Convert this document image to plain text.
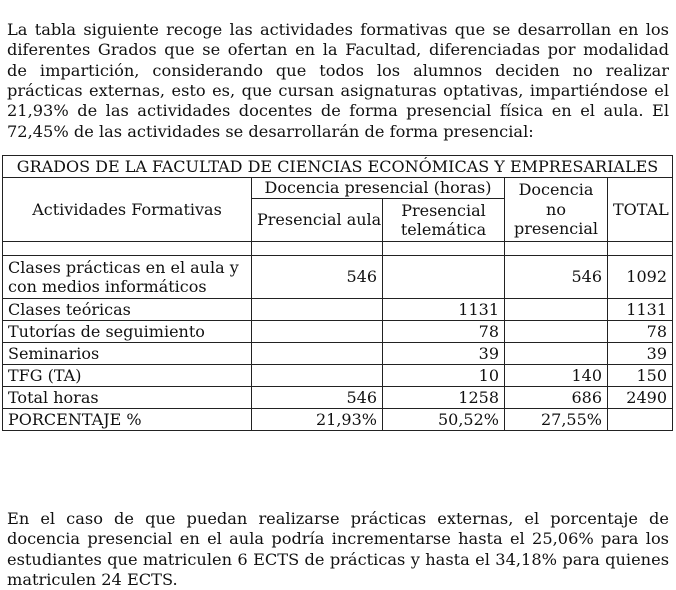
La tabla siguiente recoge las actividades formativas que se desarrollan en los diferentes Grados que se ofertan en la Facultad, diferenciadas por modalidad de impartición, considerando que todos los alumnos deciden no realizar prácticas externas, esto es, que cursan asignaturas optativas, impartiéndose el 21,93% de las actividades docentes de forma presencial física en el aula. El 72,45% de las actividades se desarrollarán de forma presencial:

GRADOS DE LA FACULTAD DE CIENCIAS ECONÓMICAS Y EMPRESARIALES				
Actividades Formativas	Docencia presencial (horas)		Docencia no presencial	TOTAL
	Presencial aula	Presencial telemática		

Clases prácticas en el aula y con medios informáticos	546		546	1092
Clases teóricas		1131		1131
Tutorías de seguimiento		78		78
Seminarios		39		39
TFG (TA)		10	140	150
Total horas	546	1258	686	2490
PORCENTAJE %	21,93%	50,52%	27,55%	

En el caso de que puedan realizarse prácticas externas, el porcentaje de docencia presencial en el aula podría incrementarse hasta el 25,06% para los estudiantes que matriculen 6 ECTS de prácticas y hasta el 34,18% para quienes matriculen 24 ECTS.
